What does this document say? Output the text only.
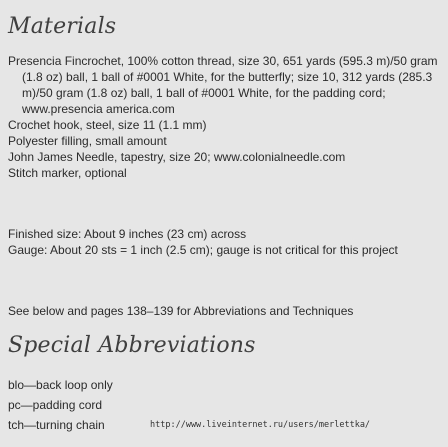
Materials
Presencia Fincrochet, 100% cotton thread, size 30, 651 yards (595.3 m)/50 gram (1.8 oz) ball, 1 ball of #0001 White, for the butterfly; size 10, 312 yards (285.3 m)/50 gram (1.8 oz) ball, 1 ball of #0001 White, for the padding cord; www.presencia america.com
Crochet hook, steel, size 11 (1.1 mm)
Polyester filling, small amount
John James Needle, tapestry, size 20; www.colonialneedle.com
Stitch marker, optional
Finished size: About 9 inches (23 cm) across
Gauge: About 20 sts = 1 inch (2.5 cm); gauge is not critical for this project

See below and pages 138–139 for Abbreviations and Techniques

Special Abbreviations
blo—back loop only
pc—padding cord
tch—turning chain	http://www.liveinternet.ru/users/merlettka/
